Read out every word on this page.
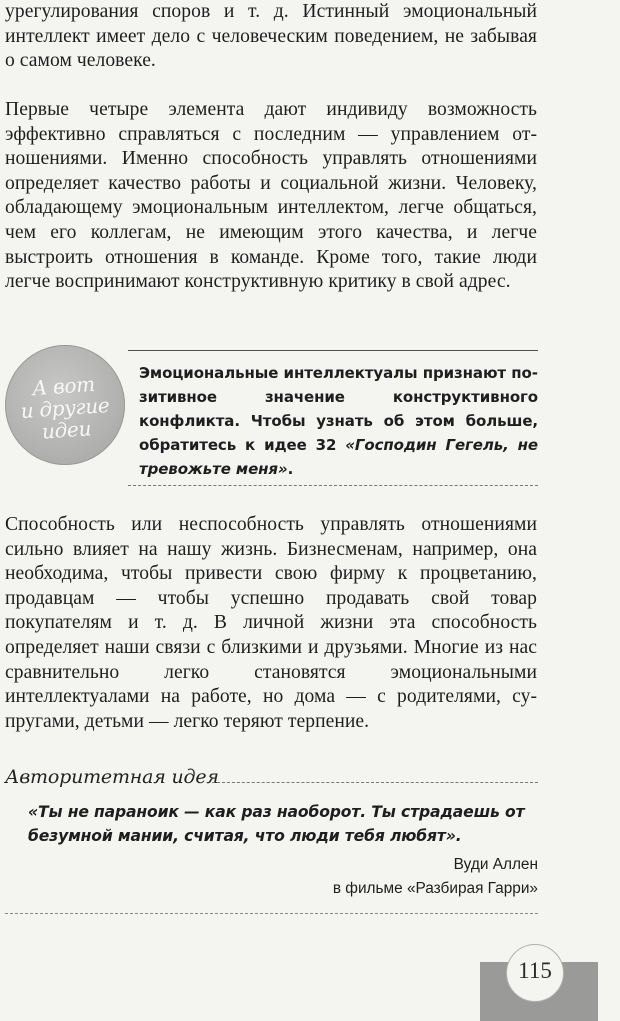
урегулирования споров и т. д. Истинный эмоциональный интеллект имеет дело с человеческим поведением, не забывая о самом человеке.

Первые четыре элемента дают индивиду возможность эффективно справляться с последним — управлением отношениями. Именно способность управлять отношениями определяет качество работы и социальной жизни. Человеку, обладающему эмоциональным интеллектом, легче общаться, чем его коллегам, не имеющим этого качества, и легче выстроить отношения в команде. Кроме того, такие люди легче воспринимают конструктивную критику в свой адрес.

А вот
и другие
идеи

Эмоциональные интеллектуалы признают позитивное значение конструктивного конфликта. Чтобы узнать об этом больше, обратитесь к идее 32 «Господин Гегель, не тревожьте меня».

Способность или неспособность управлять отношениями сильно влияет на нашу жизнь. Бизнесменам, например, она необходима, чтобы привести свою фирму к процветанию, продавцам — чтобы успешно продавать свой товар покупателям и т. д. В личной жизни эта способность определяет наши связи с близкими и друзьями. Многие из нас сравнительно легко становятся эмоциональными интеллектуалами на работе, но дома — с родителями, супругами, детьми — легко теряют терпение.

Авторитетная идея

«Ты не параноик — как раз наоборот. Ты страдаешь от безумной мании, считая, что люди тебя любят».

Вуди Аллен
в фильме «Разбирая Гарри»
115
